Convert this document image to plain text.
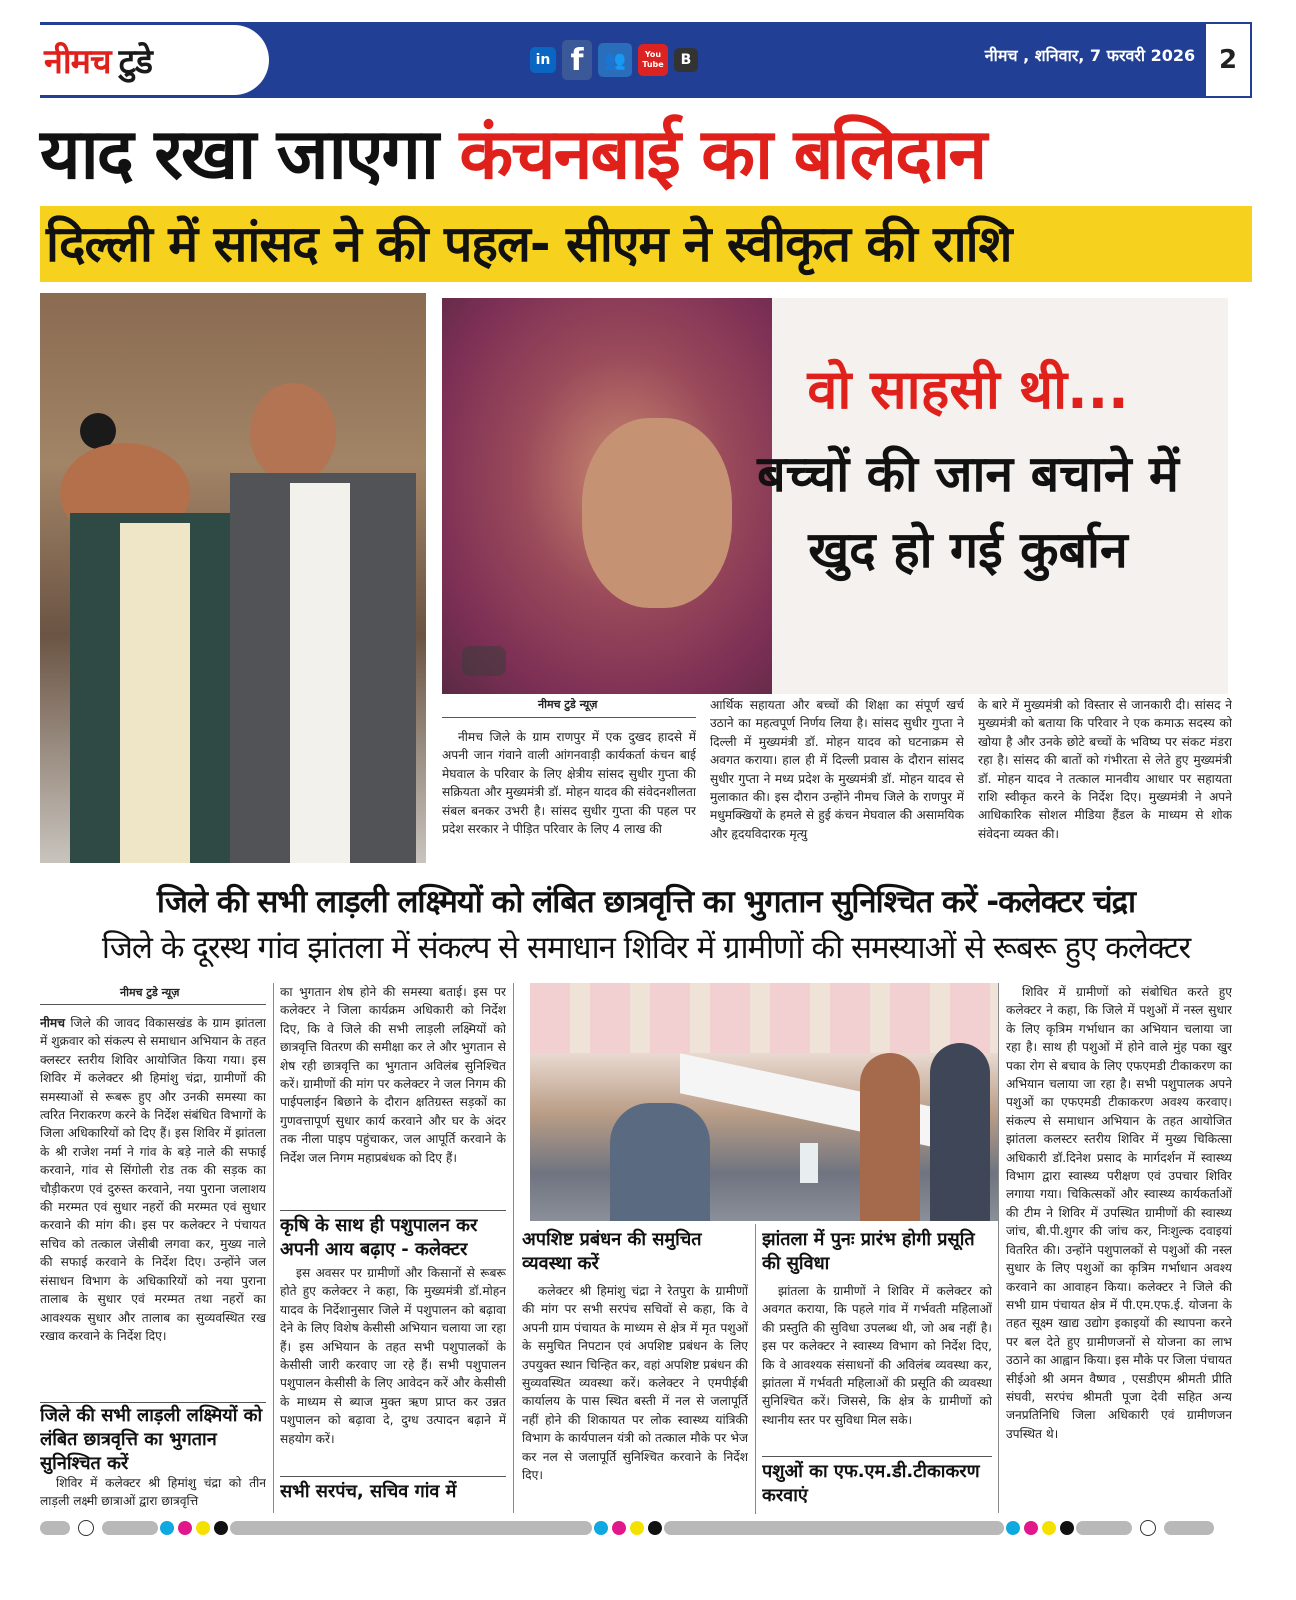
नीमच टुडे	in f	👥	You Tube	B	नीमच , शनिवार, 7 फरवरी 2026 2
याद रखा जाएगा कंचनबाई का बलिदान
दिल्ली में सांसद ने की पहल- सीएम ने स्वीकृत की राशि
वो साहसी थी...
बच्चों की जान बचाने में खुद हो गई कुर्बान
नीमच टुडे न्यूज़
नीमच जिले के ग्राम राणपुर में एक दुखद हादसे में अपनी जान गंवाने वाली आंगनवाड़ी कार्यकर्ता कंचन बाई मेघवाल के परिवार के लिए क्षेत्रीय सांसद सुधीर गुप्ता की सक्रियता और मुख्यमंत्री डॉ. मोहन यादव की संवेदनशीलता संबल बनकर उभरी है। सांसद सुधीर गुप्ता की पहल पर प्रदेश सरकार ने पीड़ित परिवार के लिए 4 लाख की
आर्थिक सहायता और बच्चों की शिक्षा का संपूर्ण खर्च उठाने का महत्वपूर्ण निर्णय लिया है। सांसद सुधीर गुप्ता ने दिल्ली में मुख्यमंत्री डॉ. मोहन यादव को घटनाक्रम से अवगत कराया। हाल ही में दिल्ली प्रवास के दौरान सांसद सुधीर गुप्ता ने मध्य प्रदेश के मुख्यमंत्री डॉ. मोहन यादव से मुलाकात की। इस दौरान उन्होंने नीमच जिले के राणपुर में मधुमक्खियों के हमले से हुई कंचन मेघवाल की असामयिक और हृदयविदारक मृत्यु
के बारे में मुख्यमंत्री को विस्तार से जानकारी दी। सांसद ने मुख्यमंत्री को बताया कि परिवार ने एक कमाऊ सदस्य को खोया है और उनके छोटे बच्चों के भविष्य पर संकट मंडरा रहा है। सांसद की बातों को गंभीरता से लेते हुए मुख्यमंत्री डॉ. मोहन यादव ने तत्काल मानवीय आधार पर सहायता राशि स्वीकृत करने के निर्देश दिए। मुख्यमंत्री ने अपने आधिकारिक सोशल मीडिया हैंडल के माध्यम से शोक संवेदना व्यक्त की।
जिले की सभी लाड़ली लक्ष्मियों को लंबित छात्रवृत्ति का भुगतान सुनिश्चित करें -कलेक्टर चंद्रा
जिले के दूरस्थ गांव झांतला में संकल्प से समाधान शिविर में ग्रामीणों की समस्याओं से रूबरू हुए कलेक्टर
नीमच टुडे न्यूज़
नीमच जिले की जावद विकासखंड के ग्राम झांतला में शुक्रवार को संकल्प से समाधान अभियान के तहत क्लस्टर स्तरीय शिविर आयोजित किया गया। इस शिविर में कलेक्टर श्री हिमांशु चंद्रा, ग्रामीणों की समस्याओं से रूबरू हुए और उनकी समस्या का त्वरित निराकरण करने के निर्देश संबंधित विभागों के जिला अधिकारियों को दिए हैं। इस शिविर में झांतला के श्री राजेश नर्मा ने गांव के बड़े नाले की सफाई करवाने, गांव से सिंगोली रोड तक की सड़क का चौड़ीकरण एवं दुरुस्त करवाने, नया पुराना जलाशय की मरम्मत एवं सुधार नहरों की मरम्मत एवं सुधार करवाने की मांग की। इस पर कलेक्टर ने पंचायत सचिव को तत्काल जेसीबी लगवा कर, मुख्य नाले की सफाई करवाने के निर्देश दिए। उन्होंने जल संसाधन विभाग के अधिकारियों को नया पुराना तालाब के सुधार एवं मरम्मत तथा नहरों का आवश्यक सुधार और तालाब का सुव्यवस्थित रख रखाव करवाने के निर्देश दिए।
जिले की सभी लाड़ली लक्ष्मियों को लंबित छात्रवृत्ति का भुगतान सुनिश्चित करें
शिविर में कलेक्टर श्री हिमांशु चंद्रा को तीन लाड़ली लक्ष्मी छात्राओं द्वारा छात्रवृत्ति
का भुगतान शेष होने की समस्या बताई। इस पर कलेक्टर ने जिला कार्यक्रम अधिकारी को निर्देश दिए, कि वे जिले की सभी लाड़ली लक्ष्मियों को छात्रवृत्ति वितरण की समीक्षा कर ले और भुगतान से शेष रही छात्रवृत्ति का भुगतान अविलंब सुनिश्चित करें। ग्रामीणों की मांग पर कलेक्टर ने जल निगम की पाईपलाईन बिछाने के दौरान क्षतिग्रस्त सड़कों का गुणवत्तापूर्ण सुधार कार्य करवाने और घर के अंदर तक नीला पाइप पहुंचाकर, जल आपूर्ति करवाने के निर्देश जल निगम महाप्रबंधक को दिए हैं।
कृषि के साथ ही पशुपालन कर अपनी आय बढ़ाए - कलेक्टर
इस अवसर पर ग्रामीणों और किसानों से रूबरू होते हुए कलेक्टर ने कहा, कि मुख्यमंत्री डॉ.मोहन यादव के निर्देशानुसार जिले में पशुपालन को बढ़ावा देने के लिए विशेष केसीसी अभियान चलाया जा रहा हैं। इस अभियान के तहत सभी पशुपालकों के केसीसी जारी करवाए जा रहे हैं। सभी पशुपालन पशुपालन केसीसी के लिए आवेदन करें और केसीसी के माध्यम से ब्याज मुक्त ऋण प्राप्त कर उन्नत पशुपालन को बढ़ावा दे, दुग्ध उत्पादन बढ़ाने में सहयोग करें।
सभी सरपंच, सचिव गांव में
अपशिष्ट प्रबंधन की समुचित व्यवस्था करें
कलेक्टर श्री हिमांशु चंद्रा ने रेतपुरा के ग्रामीणों की मांग पर सभी सरपंच सचिवों से कहा, कि वे अपनी ग्राम पंचायत के माध्यम से क्षेत्र में मृत पशुओं के समुचित निपटान एवं अपशिष्ट प्रबंधन के लिए उपयुक्त स्थान चिन्हित कर, वहां अपशिष्ट प्रबंधन की सुव्यवस्थित व्यवस्था करें। कलेक्टर ने एमपीईबी कार्यालय के पास स्थित बस्ती में नल से जलापूर्ति नहीं होने की शिकायत पर लोक स्वास्थ्य यांत्रिकी विभाग के कार्यपालन यंत्री को तत्काल मौके पर भेज कर नल से जलापूर्ति सुनिश्चित करवाने के निर्देश दिए।
झांतला में पुनः प्रारंभ होगी प्रसूति की सुविधा
झांतला के ग्रामीणों ने शिविर में कलेक्टर को अवगत कराया, कि पहले गांव में गर्भवती महिलाओं की प्रस्तुति की सुविधा उपलब्ध थी, जो अब नहीं है। इस पर कलेक्टर ने स्वास्थ्य विभाग को निर्देश दिए, कि वे आवश्यक संसाधनों की अविलंब व्यवस्था कर, झांतला में गर्भवती महिलाओं की प्रसूति की व्यवस्था सुनिश्चित करें। जिससे, कि क्षेत्र के ग्रामीणों को स्थानीय स्तर पर सुविधा मिल सके।
पशुओं का एफ.एम.डी.टीकाकरण करवाएं
शिविर में ग्रामीणों को संबोधित करते हुए कलेक्टर ने कहा, कि जिले में पशुओं में नस्ल सुधार के लिए कृत्रिम गर्भाधान का अभियान चलाया जा रहा है। साथ ही पशुओं में होने वाले मुंह पका खुर पका रोग से बचाव के लिए एफएमडी टीकाकरण का अभियान चलाया जा रहा है। सभी पशुपालक अपने पशुओं का एफएमडी टीकाकरण अवश्य करवाए। संकल्प से समाधान अभियान के तहत आयोजित झांतला कलस्टर स्तरीय शिविर में मुख्य चिकित्सा अधिकारी डॉ.दिनेश प्रसाद के मार्गदर्शन में स्वास्थ्य विभाग द्वारा स्वास्थ्य परीक्षण एवं उपचार शिविर लगाया गया। चिकित्सकों और स्वास्थ्य कार्यकर्ताओं की टीम ने शिविर में उपस्थित ग्रामीणों की स्वास्थ्य जांच, बी.पी.शुगर की जांच कर, निःशुल्क दवाइयां वितरित की। उन्होंने पशुपालकों से पशुओं की नस्ल सुधार के लिए पशुओं का कृत्रिम गर्भाधान अवश्य करवाने का आवाहन किया। कलेक्टर ने जिले की सभी ग्राम पंचायत क्षेत्र में पी.एम.एफ.ई. योजना के तहत सूक्ष्म खाद्य उद्योग इकाइयों की स्थापना करने पर बल देते हुए ग्रामीणजनों से योजना का लाभ उठाने का आह्वान किया। इस मौके पर जिला पंचायत सीईओ श्री अमन वैष्णव , एसडीएम श्रीमती प्रीति संघवी, सरपंच श्रीमती पूजा देवी सहित अन्य जनप्रतिनिधि जिला अधिकारी एवं ग्रामीणजन उपस्थित थे।
